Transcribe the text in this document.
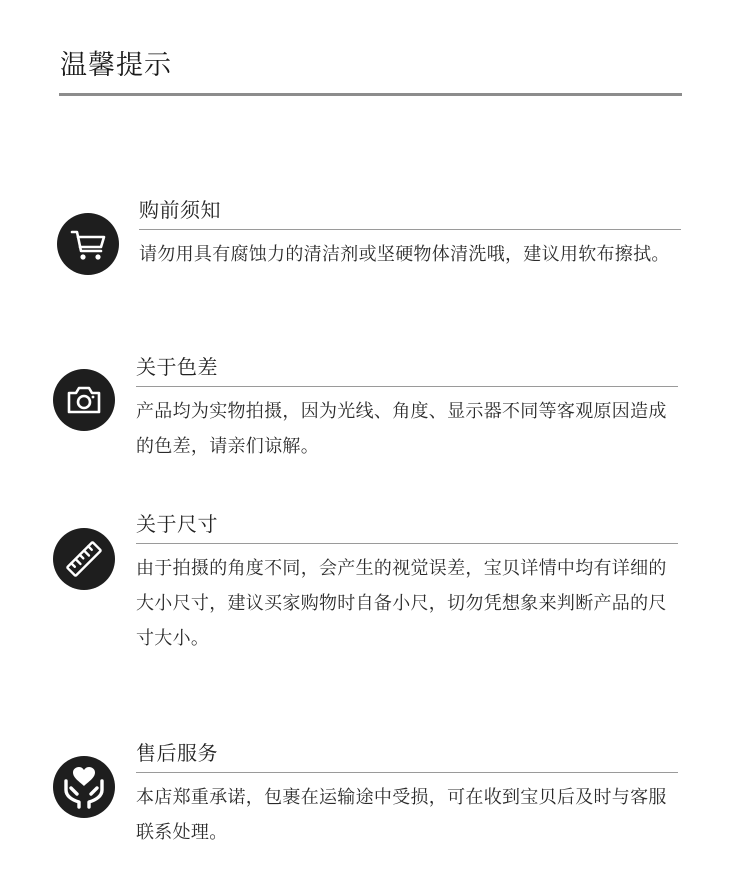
温馨提示
购前须知
请勿用具有腐蚀力的清洁剂或坚硬物体清洗哦，建议用软布擦拭。
关于色差
产品均为实物拍摄，因为光线、角度、显示器不同等客观原因造成的色差，请亲们谅解。
关于尺寸
由于拍摄的角度不同，会产生的视觉误差，宝贝详情中均有详细的大小尺寸，建议买家购物时自备小尺，切勿凭想象来判断产品的尺寸大小。
售后服务
本店郑重承诺，包裹在运输途中受损，可在收到宝贝后及时与客服联系处理。
